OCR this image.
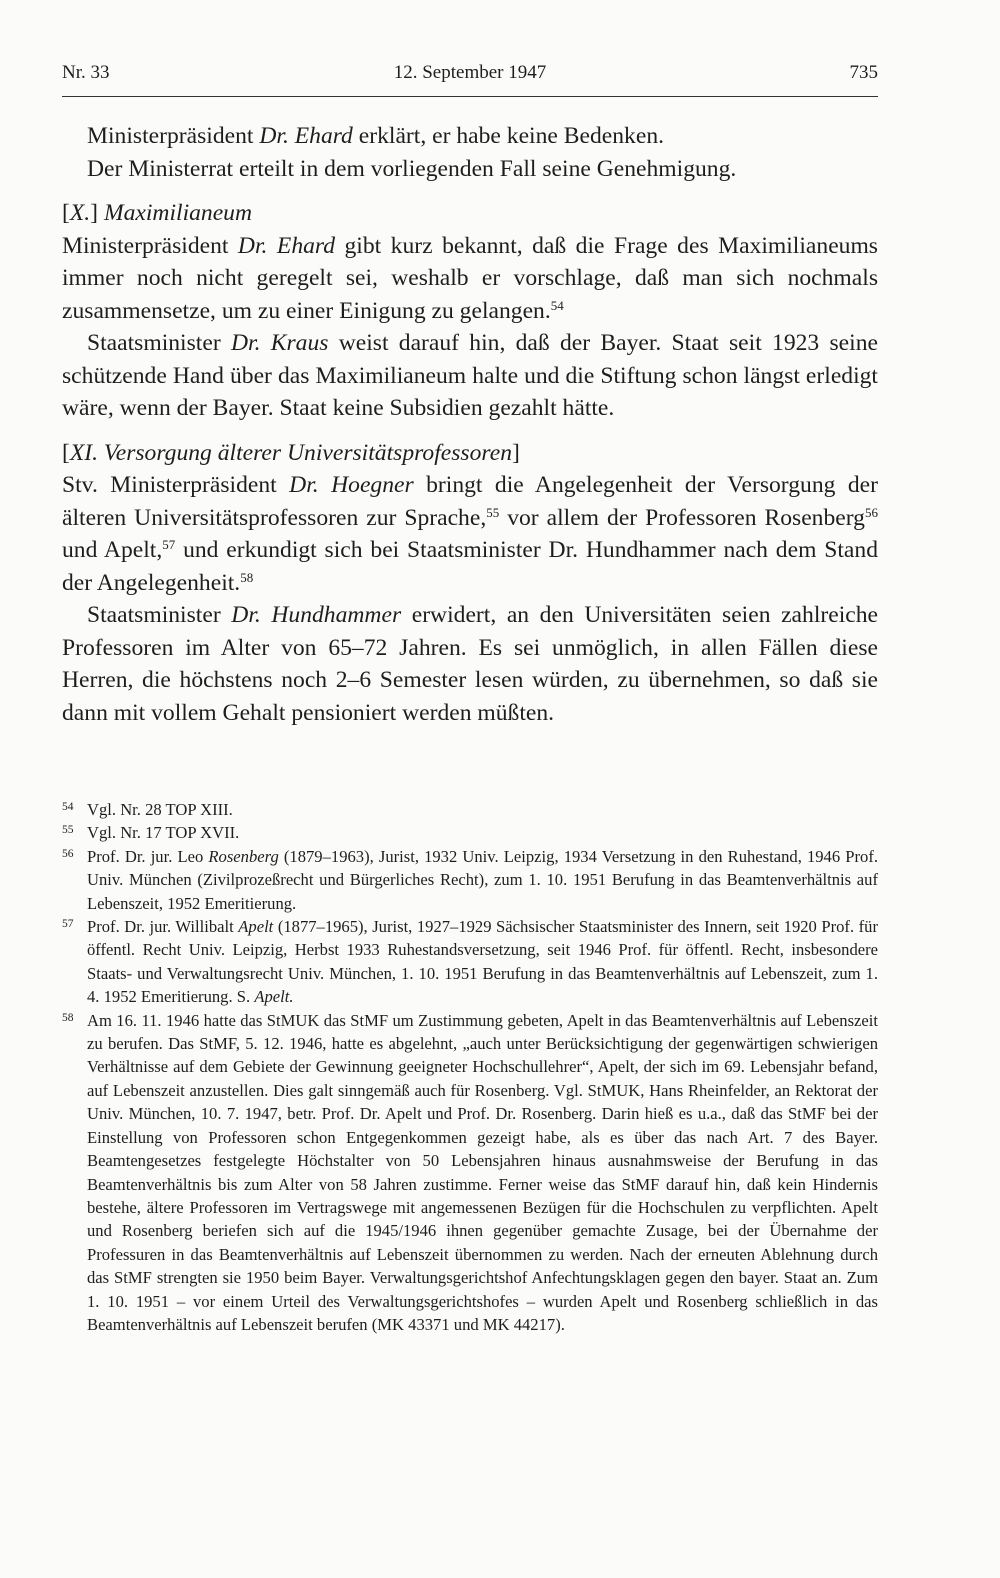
Nr. 33	12. September 1947	735

Ministerpräsident Dr. Ehard erklärt, er habe keine Bedenken.

Der Ministerrat erteilt in dem vorliegenden Fall seine Genehmigung.

[X.] Maximilianeum

Ministerpräsident Dr. Ehard gibt kurz bekannt, daß die Frage des Maximilianeums immer noch nicht geregelt sei, weshalb er vorschlage, daß man sich nochmals zusammensetze, um zu einer Einigung zu gelangen.$^{54}$

Staatsminister Dr. Kraus weist darauf hin, daß der Bayer. Staat seit 1923 seine schützende Hand über das Maximilianeum halte und die Stiftung schon längst erledigt wäre, wenn der Bayer. Staat keine Subsidien gezahlt hätte.

[XI. Versorgung älterer Universitätsprofessoren]

Stv. Ministerpräsident Dr. Hoegner bringt die Angelegenheit der Versorgung der älteren Universitätsprofessoren zur Sprache,$^{55}$ vor allem der Professoren Rosenberg$^{56}$ und Apelt,$^{57}$ und erkundigt sich bei Staatsminister Dr. Hundhammer nach dem Stand der Angelegenheit.$^{58}$

Staatsminister Dr. Hundhammer erwidert, an den Universitäten seien zahlreiche Professoren im Alter von 65–72 Jahren. Es sei unmöglich, in allen Fällen diese Herren, die höchstens noch 2–6 Semester lesen würden, zu übernehmen, so daß sie dann mit vollem Gehalt pensioniert werden müßten.

54 Vgl. Nr. 28 TOP XIII.

55 Vgl. Nr. 17 TOP XVII.

56 Prof. Dr. jur. Leo Rosenberg (1879–1963), Jurist, 1932 Univ. Leipzig, 1934 Versetzung in den Ruhestand, 1946 Prof. Univ. München (Zivilprozeßrecht und Bürgerliches Recht), zum 1. 10. 1951 Berufung in das Beamtenverhältnis auf Lebenszeit, 1952 Emeritierung.

57 Prof. Dr. jur. Willibalt Apelt (1877–1965), Jurist, 1927–1929 Sächsischer Staatsminister des Innern, seit 1920 Prof. für öffentl. Recht Univ. Leipzig, Herbst 1933 Ruhestandsversetzung, seit 1946 Prof. für öffentl. Recht, insbesondere Staats- und Verwaltungsrecht Univ. München, 1. 10. 1951 Berufung in das Beamtenverhältnis auf Lebenszeit, zum 1. 4. 1952 Emeritierung. S. Apelt.

58 Am 16. 11. 1946 hatte das StMUK das StMF um Zustimmung gebeten, Apelt in das Beamtenverhältnis auf Lebenszeit zu berufen. Das StMF, 5. 12. 1946, hatte es abgelehnt, „auch unter Berücksichtigung der gegenwärtigen schwierigen Verhältnisse auf dem Gebiete der Gewinnung geeigneter Hochschullehrer“, Apelt, der sich im 69. Lebensjahr befand, auf Lebenszeit anzustellen. Dies galt sinngemäß auch für Rosenberg. Vgl. StMUK, Hans Rheinfelder, an Rektorat der Univ. München, 10. 7. 1947, betr. Prof. Dr. Apelt und Prof. Dr. Rosenberg. Darin hieß es u.a., daß das StMF bei der Einstellung von Professoren schon Entgegenkommen gezeigt habe, als es über das nach Art. 7 des Bayer. Beamtengesetzes festgelegte Höchstalter von 50 Lebensjahren hinaus ausnahmsweise der Berufung in das Beamtenverhältnis bis zum Alter von 58 Jahren zustimme. Ferner weise das StMF darauf hin, daß kein Hindernis bestehe, ältere Professoren im Vertragswege mit angemessenen Bezügen für die Hochschulen zu verpflichten. Apelt und Rosenberg beriefen sich auf die 1945/1946 ihnen gegenüber gemachte Zusage, bei der Übernahme der Professuren in das Beamtenverhältnis auf Lebenszeit übernommen zu werden. Nach der erneuten Ablehnung durch das StMF strengten sie 1950 beim Bayer. Verwaltungsgerichtshof Anfechtungsklagen gegen den bayer. Staat an. Zum 1. 10. 1951 – vor einem Urteil des Verwaltungsgerichtshofes – wurden Apelt und Rosenberg schließlich in das Beamtenverhältnis auf Lebenszeit berufen (MK 43371 und MK 44217).
